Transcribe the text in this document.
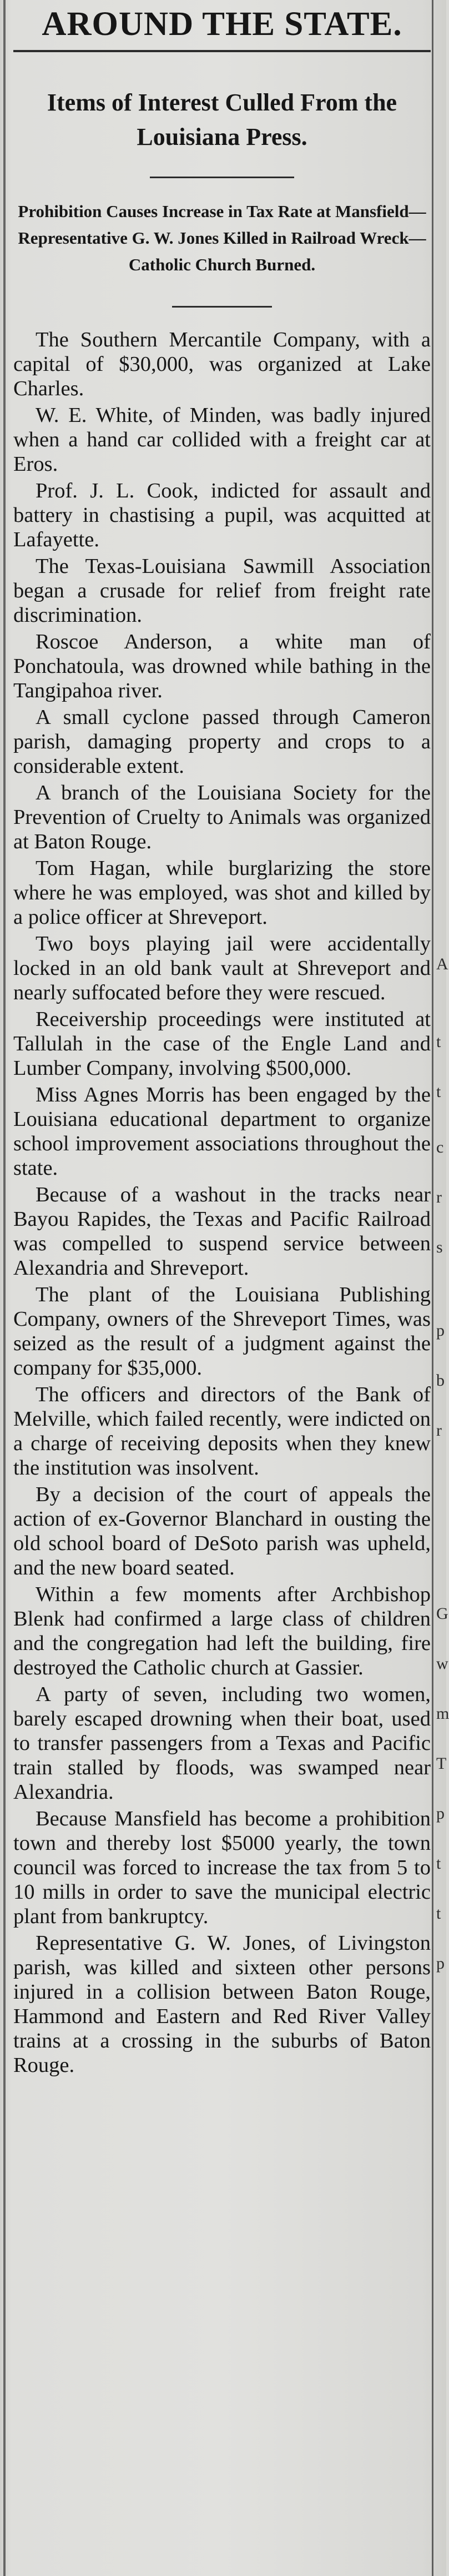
AROUND THE STATE.
Items of Interest Culled From the Louisiana Press.
Prohibition Causes Increase in Tax Rate at Mansfield—Representative G. W. Jones Killed in Railroad Wreck—Catholic Church Burned.

The Southern Mercantile Company, with a capital of $30,000, was organized at Lake Charles.

W. E. White, of Minden, was badly injured when a hand car collided with a freight car at Eros.

Prof. J. L. Cook, indicted for assault and battery in chastising a pupil, was acquitted at Lafayette.

The Texas-Louisiana Sawmill Association began a crusade for relief from freight rate discrimination.

Roscoe Anderson, a white man of Ponchatoula, was drowned while bathing in the Tangipahoa river.

A small cyclone passed through Cameron parish, damaging property and crops to a considerable extent.

A branch of the Louisiana Society for the Prevention of Cruelty to Animals was organized at Baton Rouge.

Tom Hagan, while burglarizing the store where he was employed, was shot and killed by a police officer at Shreveport.

Two boys playing jail were accidentally locked in an old bank vault at Shreveport and nearly suffocated before they were rescued.

Receivership proceedings were instituted at Tallulah in the case of the Engle Land and Lumber Company, involving $500,000.

Miss Agnes Morris has been engaged by the Louisiana educational department to organize school improvement associations throughout the state.

Because of a washout in the tracks near Bayou Rapides, the Texas and Pacific Railroad was compelled to suspend service between Alexandria and Shreveport.

The plant of the Louisiana Publishing Company, owners of the Shreveport Times, was seized as the result of a judgment against the company for $35,000.

The officers and directors of the Bank of Melville, which failed recently, were indicted on a charge of receiving deposits when they knew the institution was insolvent.

By a decision of the court of appeals the action of ex-Governor Blanchard in ousting the old school board of DeSoto parish was upheld, and the new board seated.

Within a few moments after Archbishop Blenk had confirmed a large class of children and the congregation had left the building, fire destroyed the Catholic church at Gassier.

A party of seven, including two women, barely escaped drowning when their boat, used to transfer passengers from a Texas and Pacific train stalled by floods, was swamped near Alexandria.

Because Mansfield has become a prohibition town and thereby lost $5000 yearly, the town council was forced to increase the tax from 5 to 10 mills in order to save the municipal electric plant from bankruptcy.

Representative G. W. Jones, of Livingston parish, was killed and sixteen other persons injured in a collision between Baton Rouge, Hammond and Eastern and Red River Valley trains at a crossing in the suburbs of Baton Rouge.

A
t
t
c
r
s
p
b
r
G
w
m
T
p
t
t
p
